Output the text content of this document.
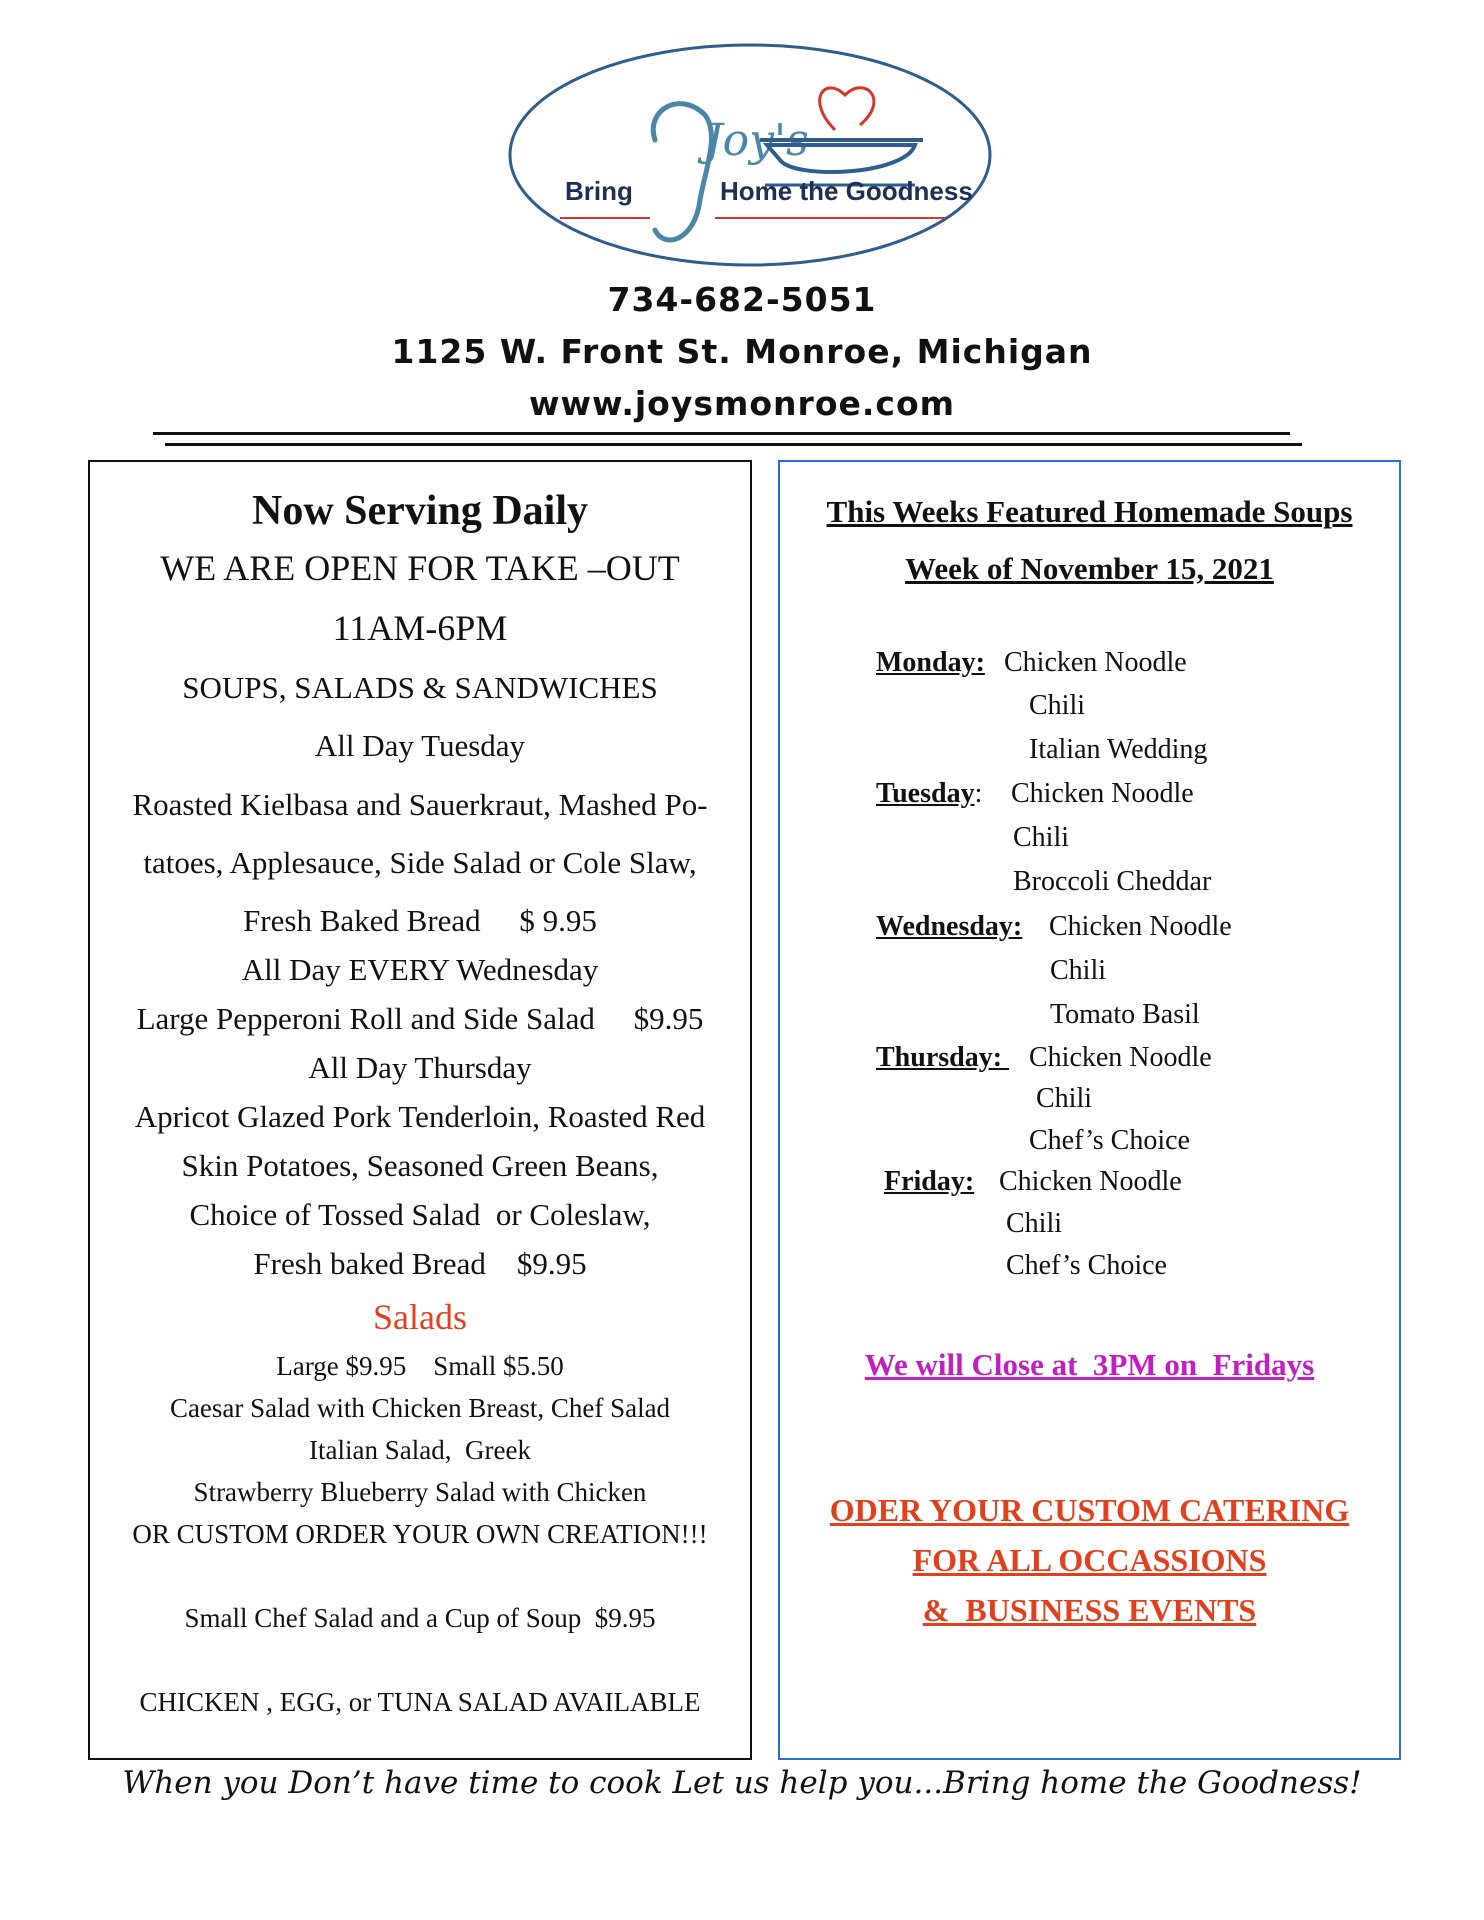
Joy's
Bring	Home the Goodness
734-682-5051
1125 W. Front St. Monroe, Michigan
www.joysmonroe.com
Now Serving Daily
WE ARE OPEN FOR TAKE –OUT
11AM-6PM
SOUPS, SALADS & SANDWICHES
All Day Tuesday
Roasted Kielbasa and Sauerkraut, Mashed Po-
tatoes, Applesauce, Side Salad or Cole Slaw,
Fresh Baked Bread     $ 9.95
All Day EVERY Wednesday
Large Pepperoni Roll and Side Salad     $9.95
All Day Thursday
Apricot Glazed Pork Tenderloin, Roasted Red
Skin Potatoes, Seasoned Green Beans,
Choice of Tossed Salad  or Coleslaw,
Fresh baked Bread    $9.95
Salads
Large $9.95    Small $5.50
Caesar Salad with Chicken Breast, Chef Salad
Italian Salad,  Greek
Strawberry Blueberry Salad with Chicken
OR CUSTOM ORDER YOUR OWN CREATION!!!
Small Chef Salad and a Cup of Soup  $9.95
CHICKEN , EGG, or TUNA SALAD AVAILABLE
This Weeks Featured Homemade Soups
Week of November 15, 2021
Monday: Chicken Noodle
Chili
Italian Wedding
Tuesday: Chicken Noodle
Chili
Broccoli Cheddar
Wednesday: Chicken Noodle
Chili
Tomato Basil
Thursday: Chicken Noodle
Chili
Chef’s Choice
Friday: Chicken Noodle
Chili
Chef’s Choice
We will Close at  3PM on  Fridays
ODER YOUR CUSTOM CATERING
FOR ALL OCCASSIONS
&  BUSINESS EVENTS
When you Don’t have time to cook Let us help you...Bring home the Goodness!
